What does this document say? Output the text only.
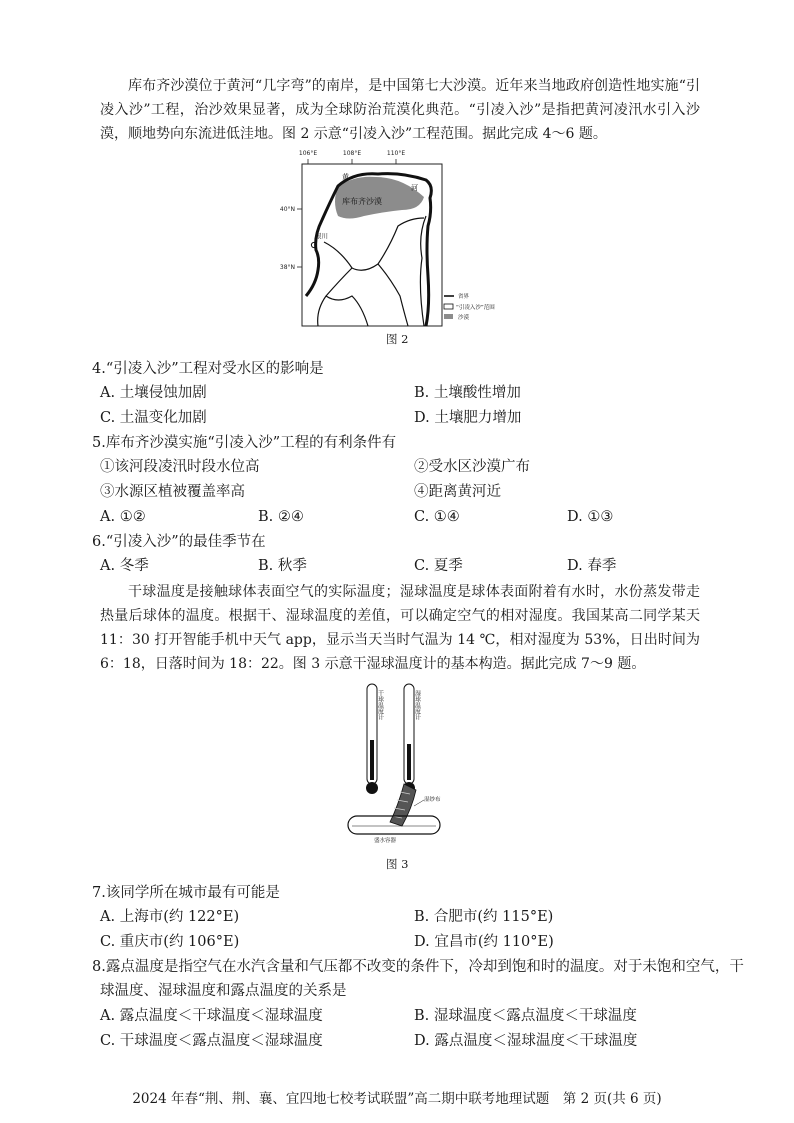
库布齐沙漠位于黄河“几字弯”的南岸，是中国第七大沙漠。近年来当地政府创造性地实施“引凌入沙”工程，治沙效果显著，成为全球防治荒漠化典范。“引凌入沙”是指把黄河凌汛水引入沙漠，顺地势向东流进低洼地。图 2 示意“引凌入沙”工程范围。据此完成 4～6 题。
106°E	108°E	110°E
40°N
38°N
黄
河
库布齐沙漠
银川
省界
“引凌入沙”范围
沙漠
图 2
4.“引凌入沙”工程对受水区的影响是
A. 土壤侵蚀加剧	B. 土壤酸性增加
C. 土温变化加剧	D. 土壤肥力增加
5.库布齐沙漠实施“引凌入沙”工程的有利条件有
①该河段凌汛时段水位高	②受水区沙漠广布
③水源区植被覆盖率高	④距离黄河近
A. ①②	B. ②④	C. ①④	D. ①③
6.“引凌入沙”的最佳季节在
A. 冬季	B. 秋季	C. 夏季	D. 春季
干球温度是接触球体表面空气的实际温度；湿球温度是球体表面附着有水时，水份蒸发带走热量后球体的温度。根据干、湿球温度的差值，可以确定空气的相对湿度。我国某高二同学某天 11：30 打开智能手机中天气 app，显示当天当时气温为 14 ℃，相对湿度为 53%，日出时间为 6：18，日落时间为 18：22。图 3 示意干湿球温度计的基本构造。据此完成 7～9 题。
干球温度计	湿球温度计
湿纱布
盛水容器
图 3
7.该同学所在城市最有可能是
A. 上海市(约 122°E)	B. 合肥市(约 115°E)
C. 重庆市(约 106°E)	D. 宜昌市(约 110°E)
8.露点温度是指空气在水汽含量和气压都不改变的条件下，冷却到饱和时的温度。对于未饱和空气，干
球温度、湿球温度和露点温度的关系是
A. 露点温度＜干球温度＜湿球温度	B. 湿球温度＜露点温度＜干球温度
C. 干球温度＜露点温度＜湿球温度	D. 露点温度＜湿球温度＜干球温度
2024 年春“荆、荆、襄、宜四地七校考试联盟”高二期中联考地理试题　第 2 页(共 6 页)
